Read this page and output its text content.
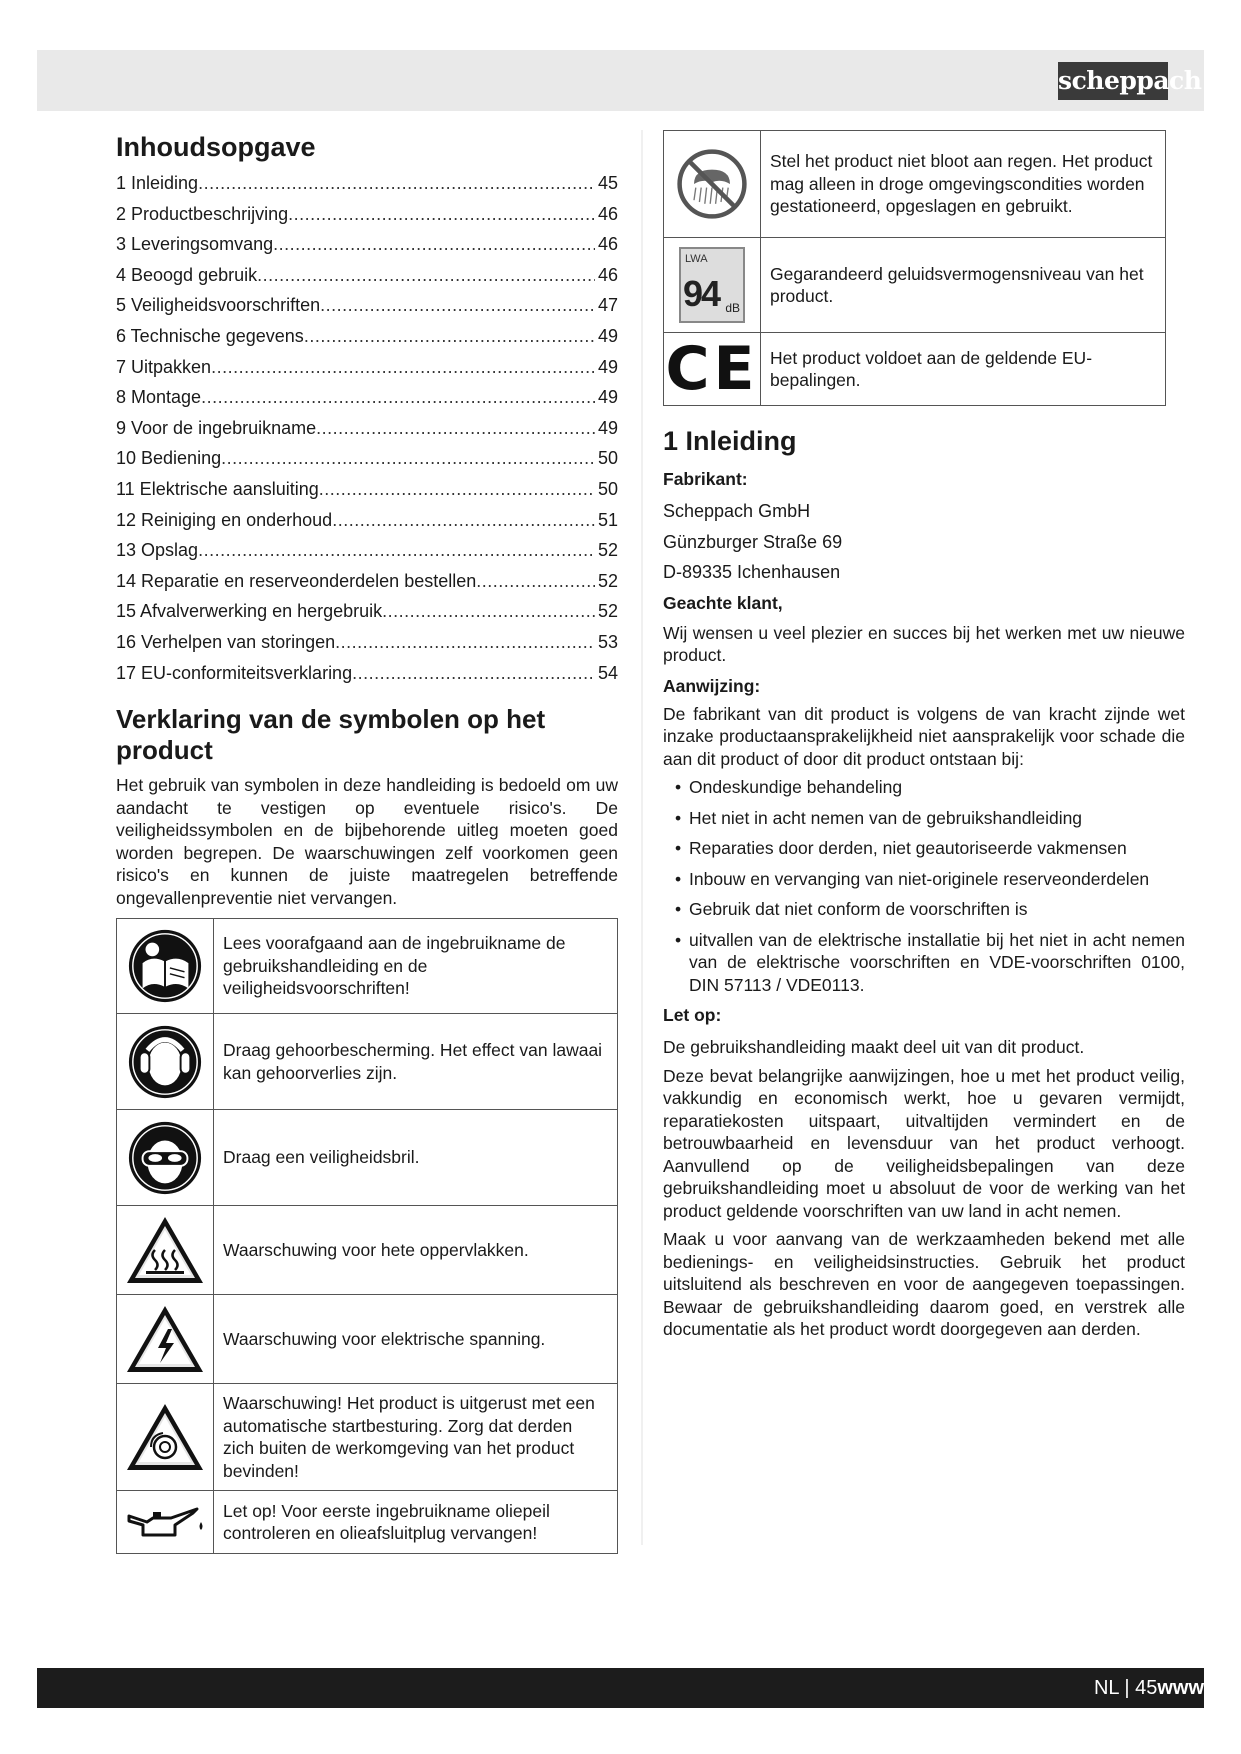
scheppach
Inhoudsopgave
1 Inleiding .....	45
2 Productbeschrijving .....	46
3 Leveringsomvang .....	46
4 Beoogd gebruik .....	46
5 Veiligheidsvoorschriften .....	47
6 Technische gegevens .....	49
7 Uitpakken .....	49
8 Montage .....	49
9 Voor de ingebruikname .....	49
10 Bediening .....	50
11 Elektrische aansluiting .....	50
12 Reiniging en onderhoud .....	51
13 Opslag .....	52
14 Reparatie en reserveonderdelen bestellen .....	52
15 Afvalverwerking en hergebruik .....	52
16 Verhelpen van storingen .....	53
17 EU-conformiteitsverklaring .....	54
Verklaring van de symbolen op het product

Het gebruik van symbolen in deze handleiding is bedoeld om uw aandacht te vestigen op eventuele risico's. De veiligheidssymbolen en de bijbehorende uitleg moeten goed worden begrepen. De waarschuwingen zelf voorkomen geen risico's en kunnen de juiste maatregelen betreffende ongevallenpreventie niet vervangen.

	Lees voorafgaand aan de ingebruikname de gebruikshandleiding en de veiligheidsvoorschriften!

	Draag gehoorbescherming. Het effect van lawaai kan gehoorverlies zijn.

	Draag een veiligheidsbril.

	Waarschuwing voor hete oppervlakken.

	Waarschuwing voor elektrische spanning.

	Waarschuwing! Het product is uitgerust met een automatische startbesturing. Zorg dat derden zich buiten de werkomgeving van het product bevinden!

	Let op! Voor eerste ingebruikname oliepeil controleren en olieafsluitplug vervangen!
	Stel het product niet bloot aan regen. Het product mag alleen in droge omgevingscondities worden gestationeerd, opgeslagen en gebruikt.

LWA
94 dB	Gegarandeerd geluidsvermogensniveau van het product.

CE	Het product voldoet aan de geldende EU-bepalingen.
1 Inleiding
Fabrikant:
Scheppach GmbH
Günzburger Straße 69
D-89335 Ichenhausen
Geachte klant,

Wij wensen u veel plezier en succes bij het werken met uw nieuwe product.

Aanwijzing:

De fabrikant van dit product is volgens de van kracht zijnde wet inzake productaansprakelijkheid niet aansprakelijk voor schade die aan dit product of door dit product ontstaan bij:

• Ondeskundige behandeling
• Het niet in acht nemen van de gebruikshandleiding
• Reparaties door derden, niet geautoriseerde vakmensen
• Inbouw en vervanging van niet-originele reserveonderdelen
• Gebruik dat niet conform de voorschriften is
• uitvallen van de elektrische installatie bij het niet in acht nemen van de elektrische voorschriften en VDE-voorschriften 0100, DIN 57113 / VDE0113.
Let op:

De gebruikshandleiding maakt deel uit van dit product.

Deze bevat belangrijke aanwijzingen, hoe u met het product veilig, vakkundig en economisch werkt, hoe u gevaren vermijdt, reparatiekosten uitspaart, uitvaltijden vermindert en de betrouwbaarheid en levensduur van het product verhoogt. Aanvullend op de veiligheidsbepalingen van deze gebruikshandleiding moet u absoluut de voor de werking van het product geldende voorschriften van uw land in acht nemen.

Maak u voor aanvang van de werkzaamheden bekend met alle bedienings- en veiligheidsinstructies. Gebruik het product uitsluitend als beschreven en voor de aangegeven toepassingen. Bewaar de gebruikshandleiding daarom goed, en verstrek alle documentatie als het product wordt doorgegeven aan derden.

NL | 45www
